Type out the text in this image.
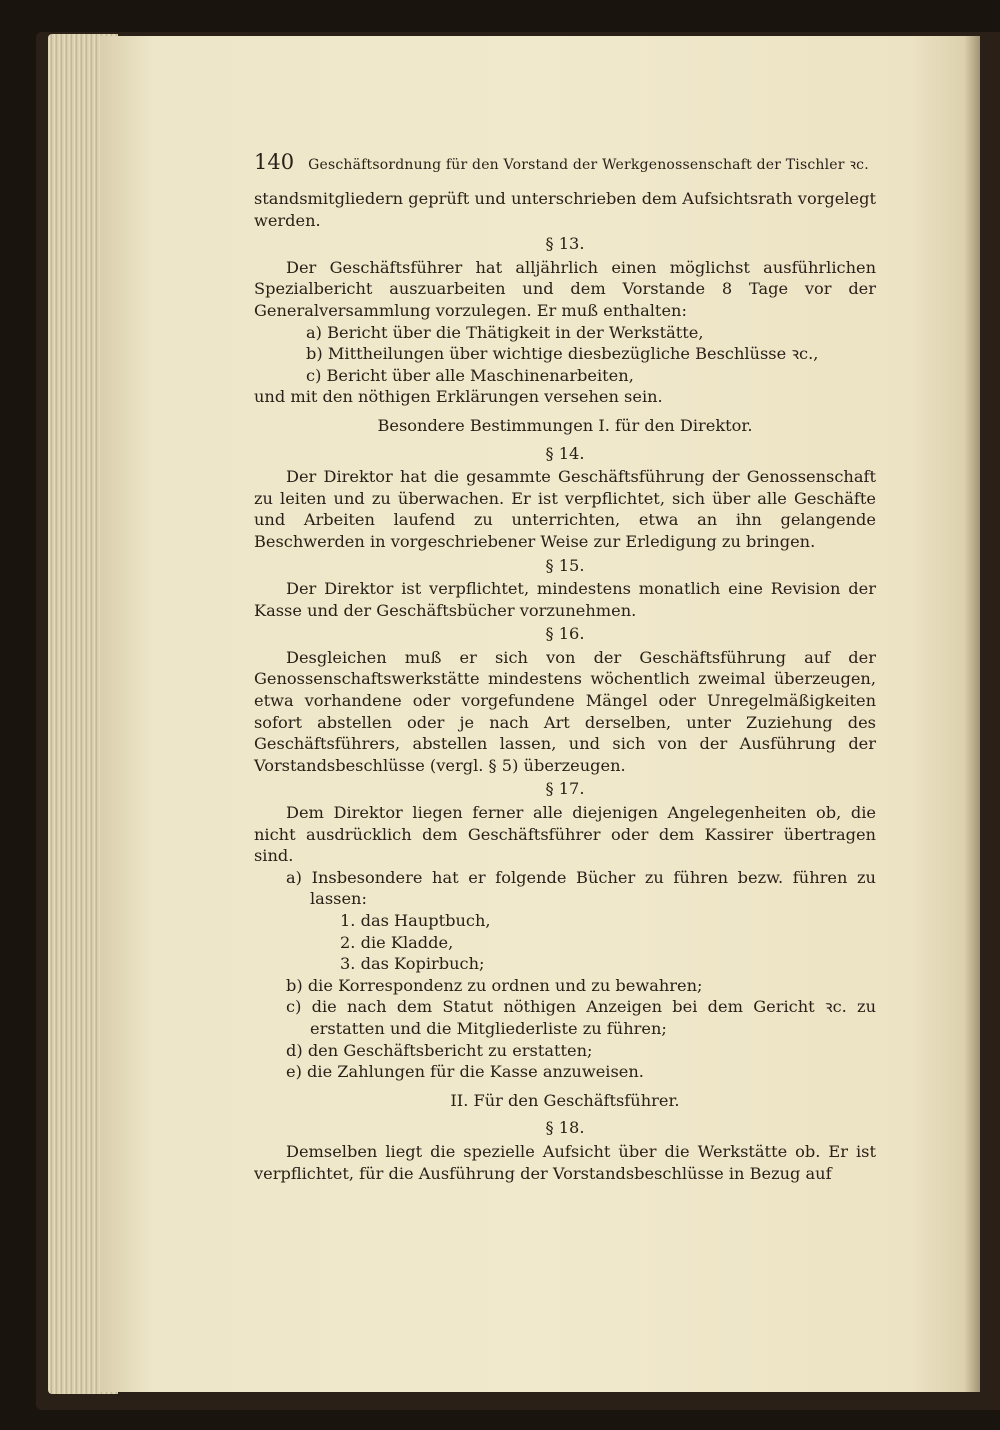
140 Geschäftsordnung für den Vorstand der Werkgenossenschaft der Tischler ꝛc.

standsmitgliedern geprüft und unterschrieben dem Aufsichtsrath vorgelegt werden.

§ 13.

Der Geschäftsführer hat alljährlich einen möglichst ausführlichen Spezialbericht auszuarbeiten und dem Vorstande 8 Tage vor der Generalversammlung vorzulegen. Er muß enthalten:

a) Bericht über die Thätigkeit in der Werkstätte,

b) Mittheilungen über wichtige diesbezügliche Beschlüsse ꝛc.,

c) Bericht über alle Maschinenarbeiten,

und mit den nöthigen Erklärungen versehen sein.

Besondere Bestimmungen I. für den Direktor.

§ 14.

Der Direktor hat die gesammte Geschäftsführung der Genossenschaft zu leiten und zu überwachen. Er ist verpflichtet, sich über alle Geschäfte und Arbeiten laufend zu unterrichten, etwa an ihn gelangende Beschwerden in vorgeschriebener Weise zur Erledigung zu bringen.

§ 15.

Der Direktor ist verpflichtet, mindestens monatlich eine Revision der Kasse und der Geschäftsbücher vorzunehmen.

§ 16.

Desgleichen muß er sich von der Geschäftsführung auf der Genossenschaftswerkstätte mindestens wöchentlich zweimal überzeugen, etwa vorhandene oder vorgefundene Mängel oder Unregelmäßigkeiten sofort abstellen oder je nach Art derselben, unter Zuziehung des Geschäftsführers, abstellen lassen, und sich von der Ausführung der Vorstandsbeschlüsse (vergl. § 5) überzeugen.

§ 17.

Dem Direktor liegen ferner alle diejenigen Angelegenheiten ob, die nicht ausdrücklich dem Geschäftsführer oder dem Kassirer übertragen sind.

a) Insbesondere hat er folgende Bücher zu führen bezw. führen zu lassen:

1. das Hauptbuch,

2. die Kladde,

3. das Kopirbuch;

b) die Korrespondenz zu ordnen und zu bewahren;

c) die nach dem Statut nöthigen Anzeigen bei dem Gericht ꝛc. zu erstatten und die Mitgliederliste zu führen;

d) den Geschäftsbericht zu erstatten;

e) die Zahlungen für die Kasse anzuweisen.

II. Für den Geschäftsführer.

§ 18.

Demselben liegt die spezielle Aufsicht über die Werkstätte ob. Er ist verpflichtet, für die Ausführung der Vorstandsbeschlüsse in Bezug auf
